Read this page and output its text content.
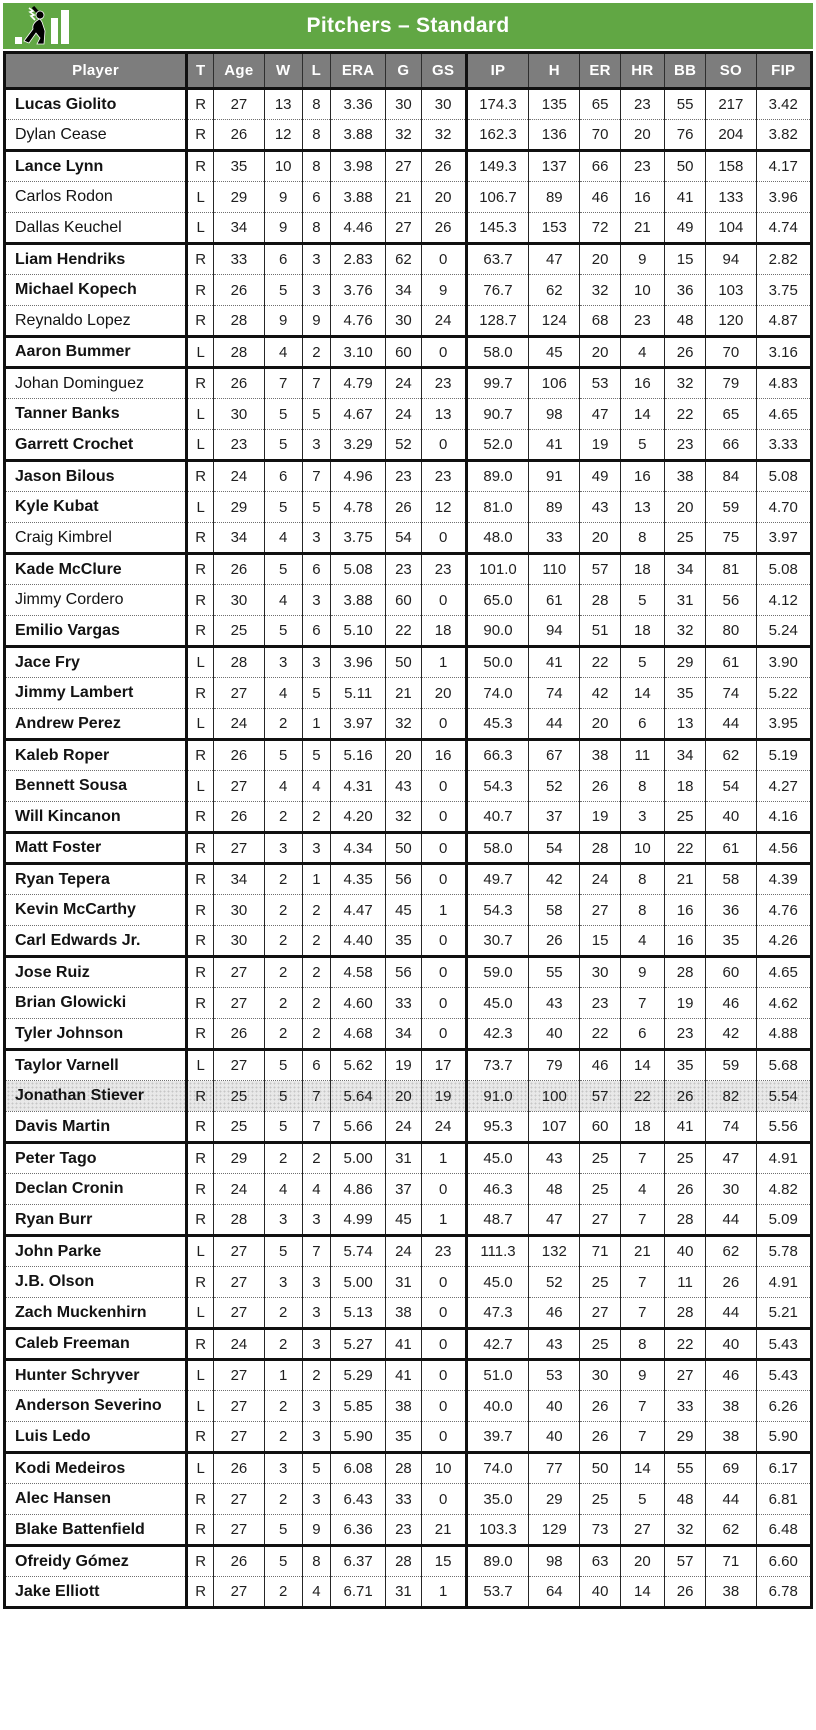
Pitchers – Standard
Player	T	Age	W	L	ERA	G	GS	IP	H	ER	HR	BB	SO	FIP
Lucas Giolito	R	27	13	8	3.36	30	30	174.3	135	65	23	55	217	3.42
Dylan Cease	R	26	12	8	3.88	32	32	162.3	136	70	20	76	204	3.82
Lance Lynn	R	35	10	8	3.98	27	26	149.3	137	66	23	50	158	4.17
Carlos Rodon	L	29	9	6	3.88	21	20	106.7	89	46	16	41	133	3.96
Dallas Keuchel	L	34	9	8	4.46	27	26	145.3	153	72	21	49	104	4.74
Liam Hendriks	R	33	6	3	2.83	62	0	63.7	47	20	9	15	94	2.82
Michael Kopech	R	26	5	3	3.76	34	9	76.7	62	32	10	36	103	3.75
Reynaldo Lopez	R	28	9	9	4.76	30	24	128.7	124	68	23	48	120	4.87
Aaron Bummer	L	28	4	2	3.10	60	0	58.0	45	20	4	26	70	3.16
Johan Dominguez	R	26	7	7	4.79	24	23	99.7	106	53	16	32	79	4.83
Tanner Banks	L	30	5	5	4.67	24	13	90.7	98	47	14	22	65	4.65
Garrett Crochet	L	23	5	3	3.29	52	0	52.0	41	19	5	23	66	3.33
Jason Bilous	R	24	6	7	4.96	23	23	89.0	91	49	16	38	84	5.08
Kyle Kubat	L	29	5	5	4.78	26	12	81.0	89	43	13	20	59	4.70
Craig Kimbrel	R	34	4	3	3.75	54	0	48.0	33	20	8	25	75	3.97
Kade McClure	R	26	5	6	5.08	23	23	101.0	110	57	18	34	81	5.08
Jimmy Cordero	R	30	4	3	3.88	60	0	65.0	61	28	5	31	56	4.12
Emilio Vargas	R	25	5	6	5.10	22	18	90.0	94	51	18	32	80	5.24
Jace Fry	L	28	3	3	3.96	50	1	50.0	41	22	5	29	61	3.90
Jimmy Lambert	R	27	4	5	5.11	21	20	74.0	74	42	14	35	74	5.22
Andrew Perez	L	24	2	1	3.97	32	0	45.3	44	20	6	13	44	3.95
Kaleb Roper	R	26	5	5	5.16	20	16	66.3	67	38	11	34	62	5.19
Bennett Sousa	L	27	4	4	4.31	43	0	54.3	52	26	8	18	54	4.27
Will Kincanon	R	26	2	2	4.20	32	0	40.7	37	19	3	25	40	4.16
Matt Foster	R	27	3	3	4.34	50	0	58.0	54	28	10	22	61	4.56
Ryan Tepera	R	34	2	1	4.35	56	0	49.7	42	24	8	21	58	4.39
Kevin McCarthy	R	30	2	2	4.47	45	1	54.3	58	27	8	16	36	4.76
Carl Edwards Jr.	R	30	2	2	4.40	35	0	30.7	26	15	4	16	35	4.26
Jose Ruiz	R	27	2	2	4.58	56	0	59.0	55	30	9	28	60	4.65
Brian Glowicki	R	27	2	2	4.60	33	0	45.0	43	23	7	19	46	4.62
Tyler Johnson	R	26	2	2	4.68	34	0	42.3	40	22	6	23	42	4.88
Taylor Varnell	L	27	5	6	5.62	19	17	73.7	79	46	14	35	59	5.68
Jonathan Stiever	R	25	5	7	5.64	20	19	91.0	100	57	22	26	82	5.54
Davis Martin	R	25	5	7	5.66	24	24	95.3	107	60	18	41	74	5.56
Peter Tago	R	29	2	2	5.00	31	1	45.0	43	25	7	25	47	4.91
Declan Cronin	R	24	4	4	4.86	37	0	46.3	48	25	4	26	30	4.82
Ryan Burr	R	28	3	3	4.99	45	1	48.7	47	27	7	28	44	5.09
John Parke	L	27	5	7	5.74	24	23	111.3	132	71	21	40	62	5.78
J.B. Olson	R	27	3	3	5.00	31	0	45.0	52	25	7	11	26	4.91
Zach Muckenhirn	L	27	2	3	5.13	38	0	47.3	46	27	7	28	44	5.21
Caleb Freeman	R	24	2	3	5.27	41	0	42.7	43	25	8	22	40	5.43
Hunter Schryver	L	27	1	2	5.29	41	0	51.0	53	30	9	27	46	5.43
Anderson Severino	L	27	2	3	5.85	38	0	40.0	40	26	7	33	38	6.26
Luis Ledo	R	27	2	3	5.90	35	0	39.7	40	26	7	29	38	5.90
Kodi Medeiros	L	26	3	5	6.08	28	10	74.0	77	50	14	55	69	6.17
Alec Hansen	R	27	2	3	6.43	33	0	35.0	29	25	5	48	44	6.81
Blake Battenfield	R	27	5	9	6.36	23	21	103.3	129	73	27	32	62	6.48
Ofreidy Gómez	R	26	5	8	6.37	28	15	89.0	98	63	20	57	71	6.60
Jake Elliott	R	27	2	4	6.71	31	1	53.7	64	40	14	26	38	6.78
